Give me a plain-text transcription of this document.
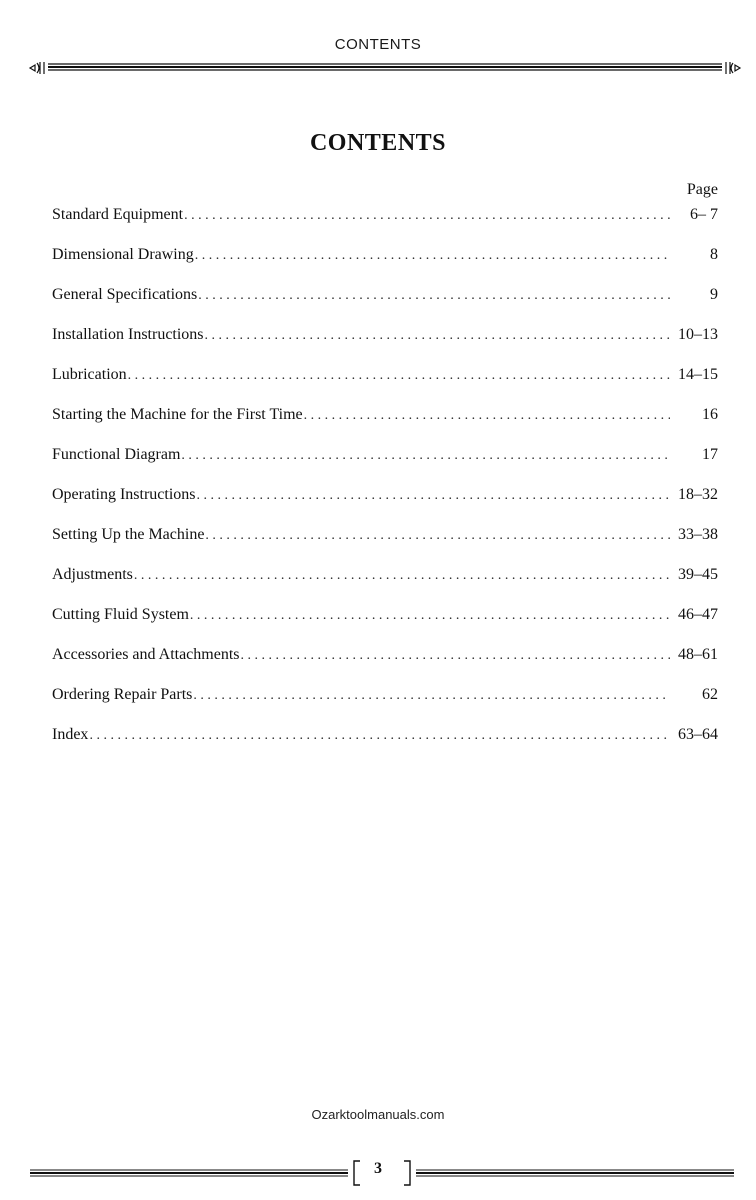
CONTENTS
CONTENTS
Page
Standard Equipment .....	6– 7
Dimensional Drawing .....	8
General Specifications .....	9
Installation Instructions .....	10–13
Lubrication .....	14–15
Starting the Machine for the First Time .....	16
Functional Diagram .....	17
Operating Instructions .....	18–32
Setting Up the Machine .....	33–38
Adjustments .....	39–45
Cutting Fluid System .....	46–47
Accessories and Attachments .....	48–61
Ordering Repair Parts .....	62
Index .....	63–64
Ozarktoolmanuals.com
3
